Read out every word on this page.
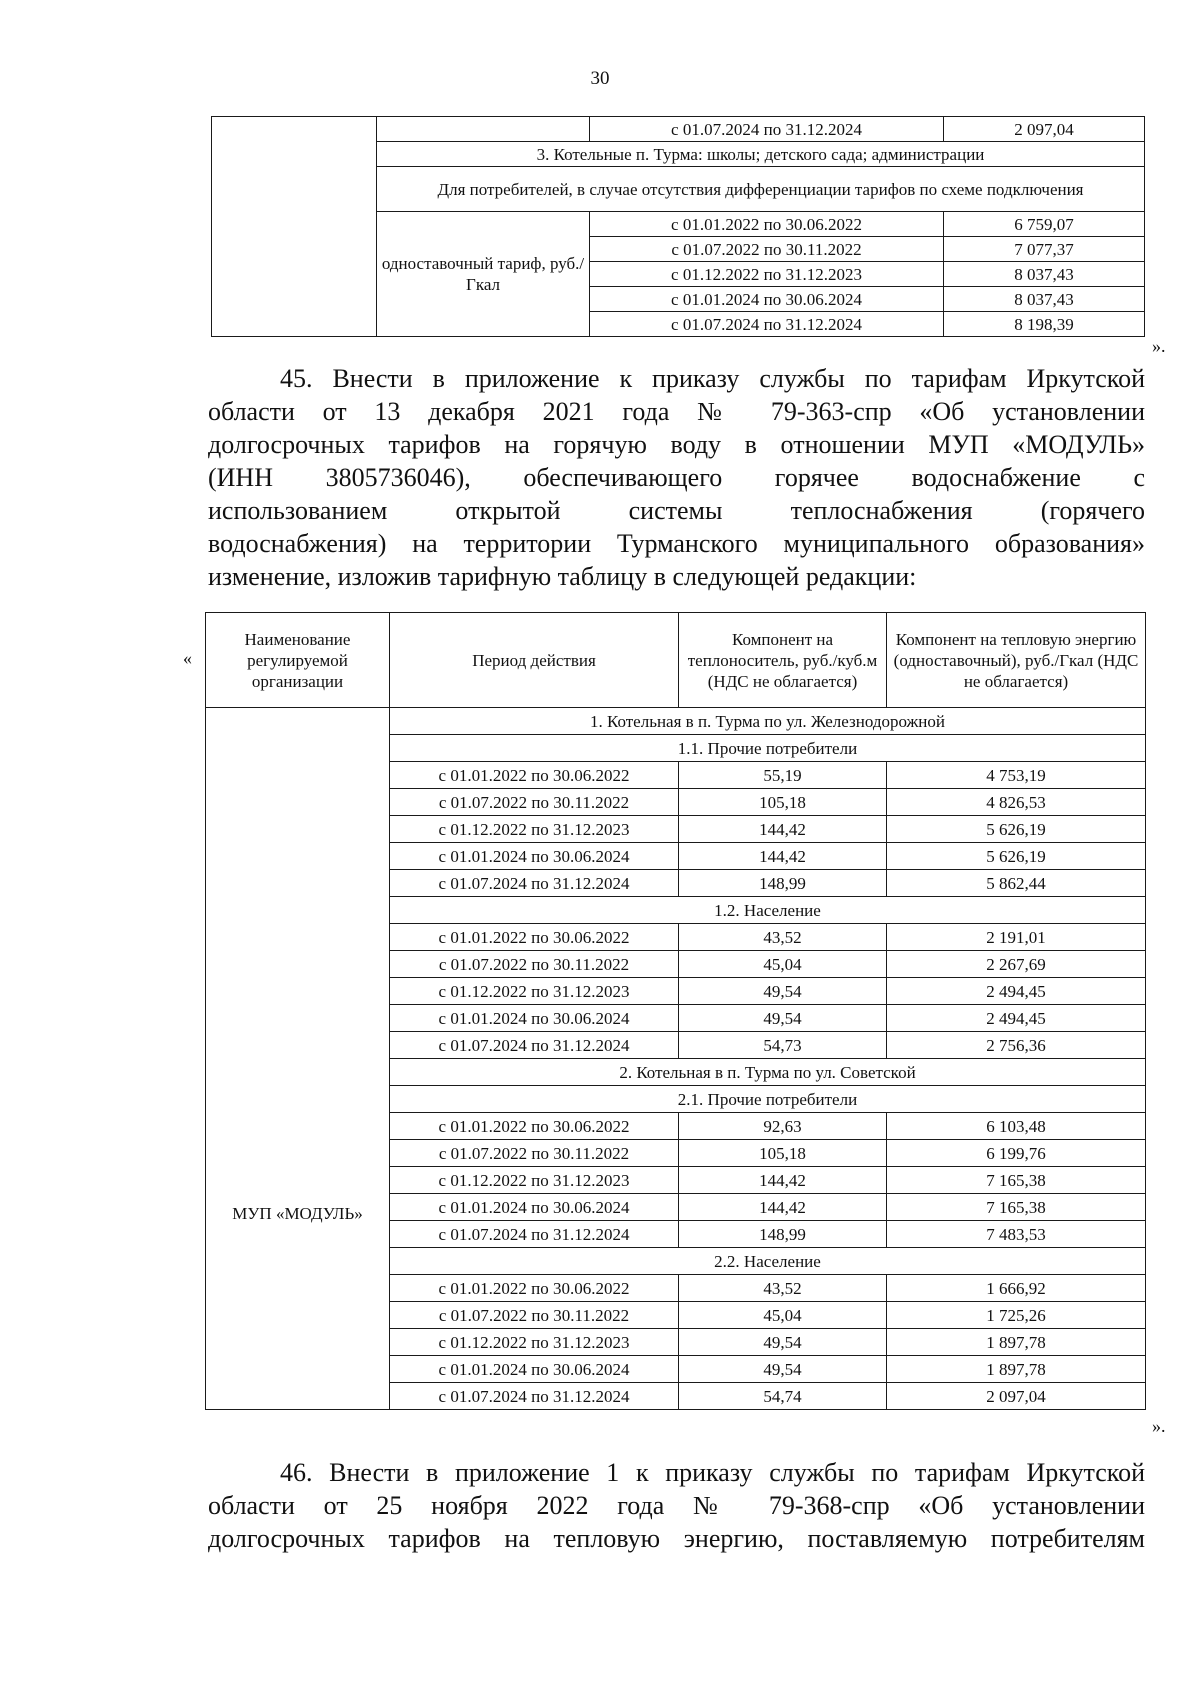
30
		с 01.07.2024 по 31.12.2024	2 097,04
	3. Котельные п. Турма: школы; детского сада; администрации		
	Для потребителей, в случае отсутствия дифференциации тарифов по схеме подключения		
	одноставочный тариф, руб./Гкал	с 01.01.2022 по 30.06.2022	6 759,07
		с 01.07.2022 по 30.11.2022	7 077,37
		с 01.12.2022 по 31.12.2023	8 037,43
		с 01.01.2024 по 30.06.2024	8 037,43
		с 01.07.2024 по 31.12.2024	8 198,39
».
45. Внести в приложение к приказу службы по тарифам Иркутской
области от 13 декабря 2021 года № 79-363-спр «Об установлении
долгосрочных тарифов на горячую воду в отношении МУП «МОДУЛЬ»
(ИНН 3805736046), обеспечивающего горячее водоснабжение с
использованием открытой системы теплоснабжения (горячего
водоснабжения) на территории Турманского муниципального образования»
изменение, изложив тарифную таблицу в следующей редакции:
«
Наименование регулируемой организации	Период действия	Компонент на теплоноситель, руб./куб.м (НДС не облагается)	Компонент на тепловую энергию (одноставочный), руб./Гкал (НДС не облагается)
МУП «МОДУЛЬ»	1. Котельная в п. Турма по ул. Железнодорожной		
	1.1. Прочие потребители		
	с 01.01.2022 по 30.06.2022	55,19	4 753,19
	с 01.07.2022 по 30.11.2022	105,18	4 826,53
	с 01.12.2022 по 31.12.2023	144,42	5 626,19
	с 01.01.2024 по 30.06.2024	144,42	5 626,19
	с 01.07.2024 по 31.12.2024	148,99	5 862,44
	1.2. Население		
	с 01.01.2022 по 30.06.2022	43,52	2 191,01
	с 01.07.2022 по 30.11.2022	45,04	2 267,69
	с 01.12.2022 по 31.12.2023	49,54	2 494,45
	с 01.01.2024 по 30.06.2024	49,54	2 494,45
	с 01.07.2024 по 31.12.2024	54,73	2 756,36
	2. Котельная в п. Турма по ул. Советской		
	2.1. Прочие потребители		
	с 01.01.2022 по 30.06.2022	92,63	6 103,48
	с 01.07.2022 по 30.11.2022	105,18	6 199,76
	с 01.12.2022 по 31.12.2023	144,42	7 165,38
	с 01.01.2024 по 30.06.2024	144,42	7 165,38
	с 01.07.2024 по 31.12.2024	148,99	7 483,53
	2.2. Население		
	с 01.01.2022 по 30.06.2022	43,52	1 666,92
	с 01.07.2022 по 30.11.2022	45,04	1 725,26
	с 01.12.2022 по 31.12.2023	49,54	1 897,78
	с 01.01.2024 по 30.06.2024	49,54	1 897,78
	с 01.07.2024 по 31.12.2024	54,74	2 097,04
».
46. Внести в приложение 1 к приказу службы по тарифам Иркутской
области от 25 ноября 2022 года № 79-368-спр «Об установлении
долгосрочных тарифов на тепловую энергию, поставляемую потребителям
